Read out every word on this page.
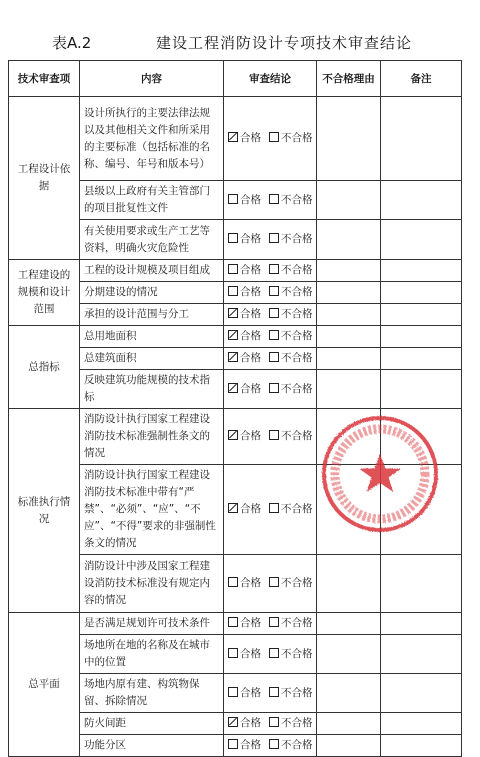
表A.2	建设工程消防设计专项技术审查结论
技术审查项	内容	审查结论	不合格理由	备注
工程设计依据	设计所执行的主要法律法规以及其他相关文件和所采用的主要标准（包括标准的名称、编号、年号和版本号）	合格 不合格		
	县级以上政府有关主管部门的项目批复性文件	合格 不合格		
	有关使用要求或生产工艺等资料，明确火灾危险性	合格 不合格		
工程建设的规模和设计范围	工程的设计规模及项目组成	合格 不合格		
	分期建设的情况	合格 不合格		
	承担的设计范围与分工	合格 不合格		
总指标	总用地面积	合格 不合格		
	总建筑面积	合格 不合格		
	反映建筑功能规模的技术指标	合格 不合格		
标准执行情况	消防设计执行国家工程建设消防技术标准强制性条文的情况	合格 不合格		
	消防设计执行国家工程建设消防技术标准中带有“严禁”、“必须”、“应”、“不应”、“不得”要求的非强制性条文的情况	合格 不合格		
	消防设计中涉及国家工程建设消防技术标准没有规定内容的情况	合格 不合格		
总平面	是否满足规划许可技术条件	合格 不合格		
	场地所在地的名称及在城市中的位置	合格 不合格		
	场地内原有建、构筑物保留、拆除情况	合格 不合格		
	防火间距	合格 不合格		
	功能分区	合格 不合格		
